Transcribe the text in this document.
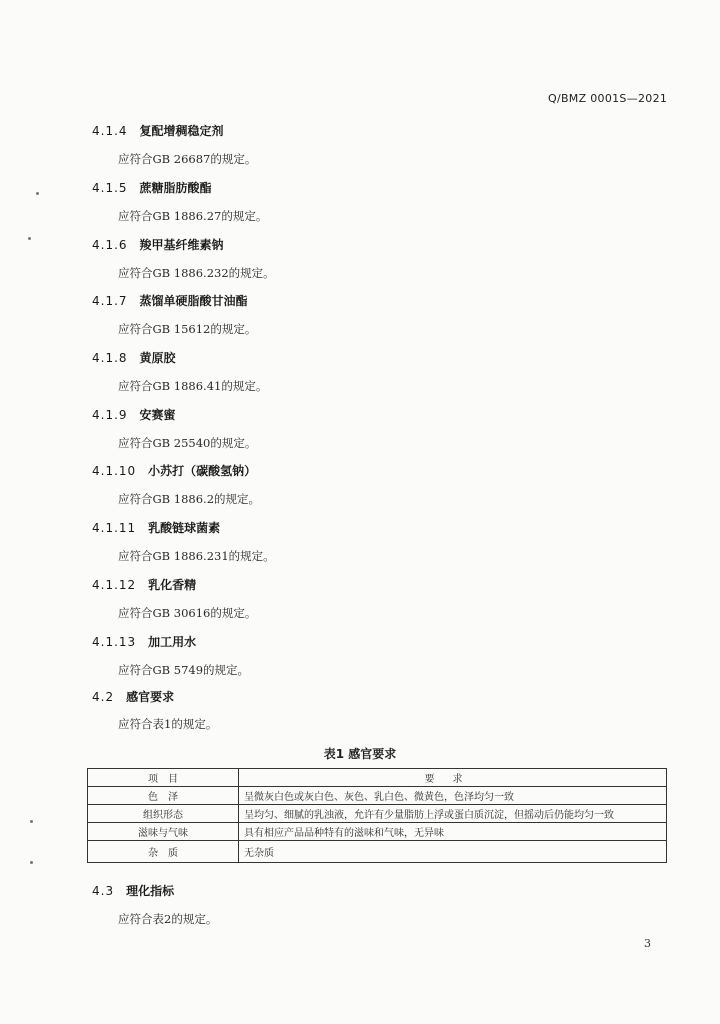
Q/BMZ 0001S—2021
4.1.4 复配增稠稳定剂
应符合GB 26687的规定。
4.1.5 蔗糖脂肪酸酯
应符合GB 1886.27的规定。
4.1.6 羧甲基纤维素钠
应符合GB 1886.232的规定。
4.1.7 蒸馏单硬脂酸甘油酯
应符合GB 15612的规定。
4.1.8 黄原胶
应符合GB 1886.41的规定。
4.1.9 安赛蜜
应符合GB 25540的规定。
4.1.10 小苏打（碳酸氢钠）
应符合GB 1886.2的规定。
4.1.11 乳酸链球菌素
应符合GB 1886.231的规定。
4.1.12 乳化香精
应符合GB 30616的规定。
4.1.13 加工用水
应符合GB 5749的规定。
4.2 感官要求
应符合表1的规定。
表1 感官要求
项　目	要求
色　泽	呈微灰白色或灰白色、灰色、乳白色、微黄色，色泽均匀一致
组织形态	呈均匀、细腻的乳浊液，允许有少量脂肪上浮或蛋白质沉淀，但摇动后仍能均匀一致
滋味与气味	具有相应产品品种特有的滋味和气味，无异味
杂　质	无杂质
4.3 理化指标
应符合表2的规定。
3
